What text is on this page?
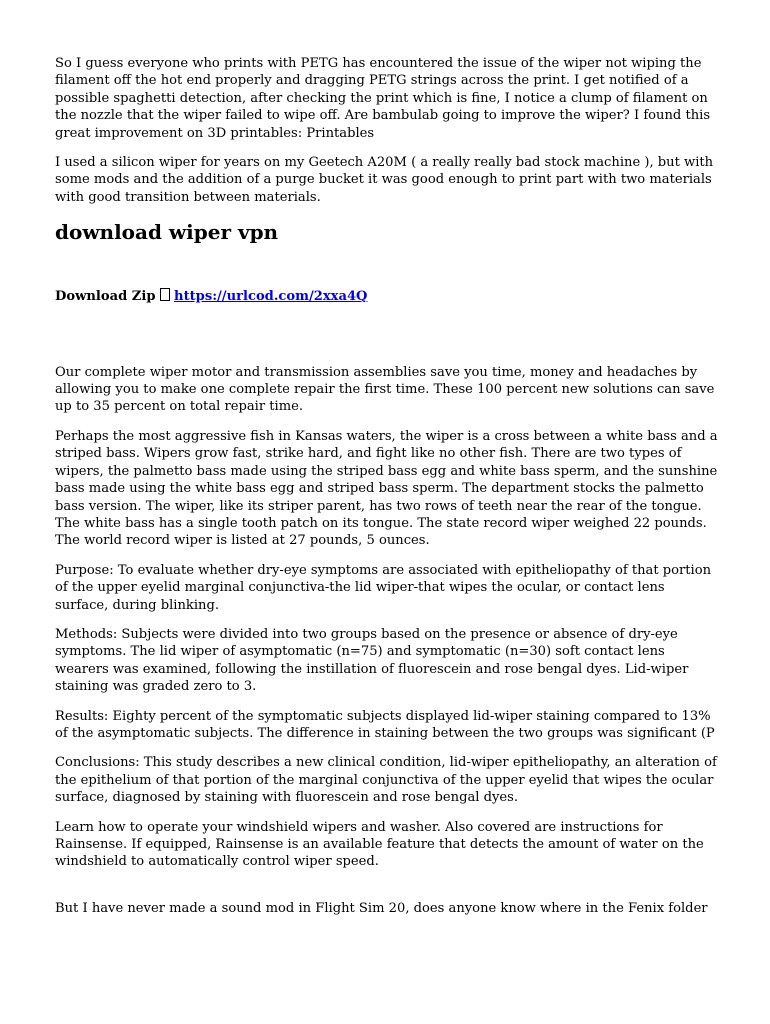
So I guess everyone who prints with PETG has encountered the issue of the wiper not wiping the filament off the hot end properly and dragging PETG strings across the print. I get notified of a possible spaghetti detection, after checking the print which is fine, I notice a clump of filament on the nozzle that the wiper failed to wipe off. Are bambulab going to improve the wiper? I found this great improvement on 3D printables: Printables

I used a silicon wiper for years on my Geetech A20M ( a really really bad stock machine ), but with some mods and the addition of a purge bucket it was good enough to print part with two materials with good transition between materials.

download wiper vpn
Download Zip https://urlcod.com/2xxa4Q

Our complete wiper motor and transmission assemblies save you time, money and headaches by allowing you to make one complete repair the first time. These 100 percent new solutions can save up to 35 percent on total repair time.

Perhaps the most aggressive fish in Kansas waters, the wiper is a cross between a white bass and a striped bass. Wipers grow fast, strike hard, and fight like no other fish. There are two types of wipers, the palmetto bass made using the striped bass egg and white bass sperm, and the sunshine bass made using the white bass egg and striped bass sperm. The department stocks the palmetto bass version. The wiper, like its striper parent, has two rows of teeth near the rear of the tongue. The white bass has a single tooth patch on its tongue. The state record wiper weighed 22 pounds. The world record wiper is listed at 27 pounds, 5 ounces.

Purpose: To evaluate whether dry-eye symptoms are associated with epitheliopathy of that portion of the upper eyelid marginal conjunctiva-the lid wiper-that wipes the ocular, or contact lens surface, during blinking.

Methods: Subjects were divided into two groups based on the presence or absence of dry-eye symptoms. The lid wiper of asymptomatic (n=75) and symptomatic (n=30) soft contact lens wearers was examined, following the instillation of fluorescein and rose bengal dyes. Lid-wiper staining was graded zero to 3.

Results: Eighty percent of the symptomatic subjects displayed lid-wiper staining compared to 13% of the asymptomatic subjects. The difference in staining between the two groups was significant (P

Conclusions: This study describes a new clinical condition, lid-wiper epitheliopathy, an alteration of the epithelium of that portion of the marginal conjunctiva of the upper eyelid that wipes the ocular surface, diagnosed by staining with fluorescein and rose bengal dyes.

Learn how to operate your windshield wipers and washer. Also covered are instructions for Rainsense. If equipped, Rainsense is an available feature that detects the amount of water on the windshield to automatically control wiper speed.

But I have never made a sound mod in Flight Sim 20, does anyone know where in the Fenix folder
